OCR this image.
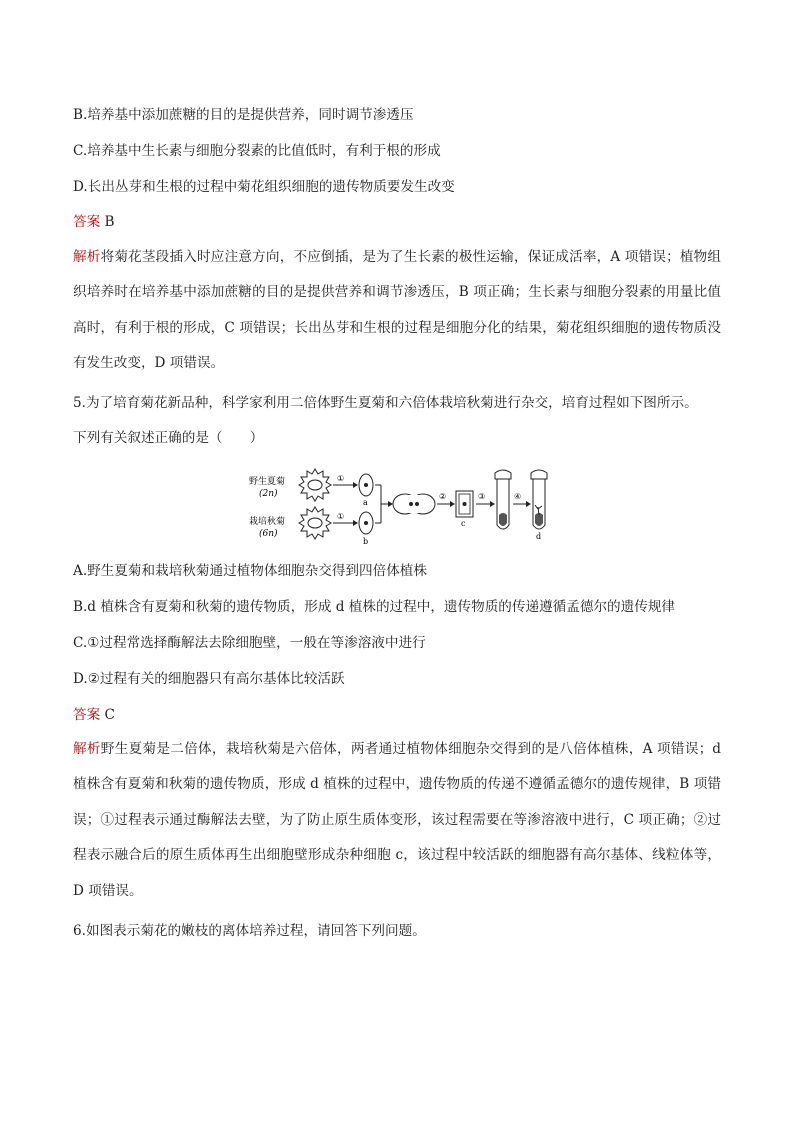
B.培养基中添加蔗糖的目的是提供营养，同时调节渗透压
C.培养基中生长素与细胞分裂素的比值低时，有利于根的形成
D.长出丛芽和生根的过程中菊花组织细胞的遗传物质要发生改变
答案 B
解析将菊花茎段插入时应注意方向，不应倒插，是为了生长素的极性运输，保证成活率，A 项错误；植物组织培养时在培养基中添加蔗糖的目的是提供营养和调节渗透压，B 项正确；生长素与细胞分裂素的用量比值高时，有利于根的形成，C 项错误；长出丛芽和生根的过程是细胞分化的结果，菊花组织细胞的遗传物质没有发生改变，D 项错误。
5.为了培育菊花新品种，科学家利用二倍体野生夏菊和六倍体栽培秋菊进行杂交，培育过程如下图所示。
下列有关叙述正确的是（　　）
野生夏菊
(2n)
栽培秋菊
(6n)
①
①
a
b
②
c
③	④
d
A.野生夏菊和栽培秋菊通过植物体细胞杂交得到四倍体植株
B.d 植株含有夏菊和秋菊的遗传物质，形成 d 植株的过程中，遗传物质的传递遵循孟德尔的遗传规律
C.①过程常选择酶解法去除细胞壁，一般在等渗溶液中进行
D.②过程有关的细胞器只有高尔基体比较活跃
答案 C
解析野生夏菊是二倍体，栽培秋菊是六倍体，两者通过植物体细胞杂交得到的是八倍体植株，A 项错误；d 植株含有夏菊和秋菊的遗传物质，形成 d 植株的过程中，遗传物质的传递不遵循孟德尔的遗传规律，B 项错误；①过程表示通过酶解法去壁，为了防止原生质体变形，该过程需要在等渗溶液中进行，C 项正确；②过程表示融合后的原生质体再生出细胞壁形成杂种细胞 c，该过程中较活跃的细胞器有高尔基体、线粒体等，D 项错误。
6.如图表示菊花的嫩枝的离体培养过程，请回答下列问题。
